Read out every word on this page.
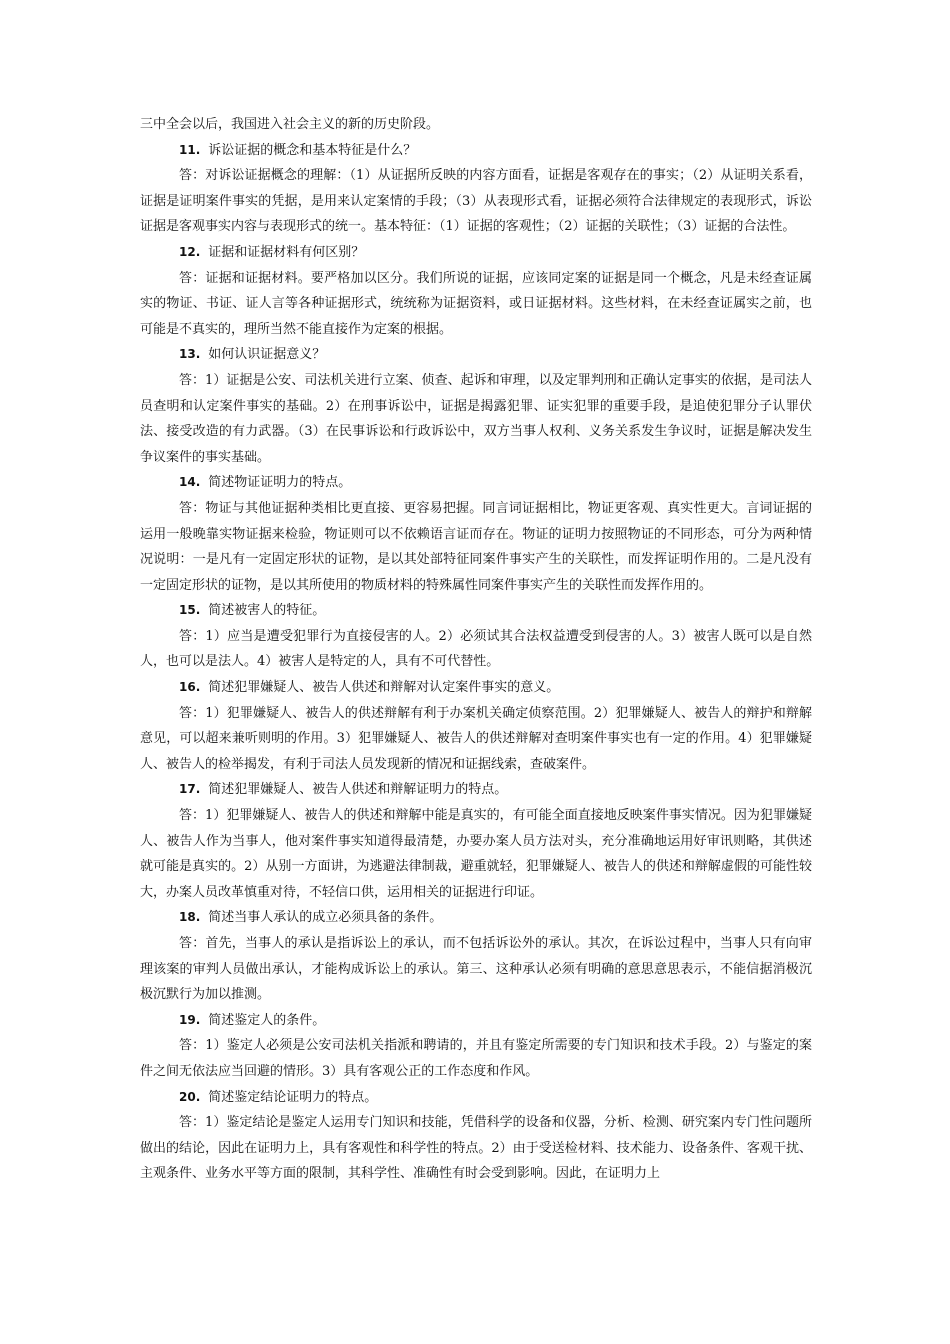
三中全会以后，我国进入社会主义的新的历史阶段。

11. 诉讼证据的概念和基本特征是什么？

答：对诉讼证据概念的理解：（1）从证据所反映的内容方面看，证据是客观存在的事实；（2）从证明关系看，证据是证明案件事实的凭据，是用来认定案情的手段；（3）从表现形式看，证据必须符合法律规定的表现形式，诉讼证据是客观事实内容与表现形式的统一。基本特征：（1）证据的客观性；（2）证据的关联性；（3）证据的合法性。

12. 证据和证据材料有何区别？

答：证据和证据材料。要严格加以区分。我们所说的证据，应该同定案的证据是同一个概念，凡是未经查证属实的物证、书证、证人言等各种证据形式，统统称为证据资料，或日证据材料。这些材料，在未经查证属实之前，也可能是不真实的，理所当然不能直接作为定案的根据。

13. 如何认识证据意义？

答：1）证据是公安、司法机关进行立案、侦查、起诉和审理，以及定罪判刑和正确认定事实的依据，是司法人员查明和认定案件事实的基础。2）在刑事诉讼中，证据是揭露犯罪、证实犯罪的重要手段，是追使犯罪分子认罪伏法、接受改造的有力武器。（3）在民事诉讼和行政诉讼中，双方当事人权利、义务关系发生争议时，证据是解决发生争议案件的事实基础。

14. 简述物证证明力的特点。

答：物证与其他证据种类相比更直接、更容易把握。同言词证据相比，物证更客观、真实性更大。言词证据的运用一般晚靠实物证据来检验，物证则可以不依赖语言证而存在。物证的证明力按照物证的不同形态，可分为两种情况说明：一是凡有一定固定形状的证物，是以其处部特征同案件事实产生的关联性，而发挥证明作用的。二是凡没有一定固定形状的证物，是以其所使用的物质材料的特殊属性同案件事实产生的关联性而发挥作用的。

15. 简述被害人的特征。

答：1）应当是遭受犯罪行为直接侵害的人。2）必须试其合法权益遭受到侵害的人。3）被害人既可以是自然人，也可以是法人。4）被害人是特定的人，具有不可代替性。

16. 简述犯罪嫌疑人、被告人供述和辩解对认定案件事实的意义。

答：1）犯罪嫌疑人、被告人的供述辩解有利于办案机关确定侦察范围。2）犯罪嫌疑人、被告人的辩护和辩解意见，可以超来兼听则明的作用。3）犯罪嫌疑人、被告人的供述辩解对查明案件事实也有一定的作用。4）犯罪嫌疑人、被告人的检举揭发，有利于司法人员发现新的情况和证据线索，查破案件。

17. 简述犯罪嫌疑人、被告人供述和辩解证明力的特点。

答：1）犯罪嫌疑人、被告人的供述和辩解中能是真实的，有可能全面直接地反映案件事实情况。因为犯罪嫌疑人、被告人作为当事人，他对案件事实知道得最清楚，办要办案人员方法对头，充分准确地运用好审讯则略，其供述就可能是真实的。2）从别一方面讲，为逃避法律制裁，避重就轻，犯罪嫌疑人、被告人的供述和辩解虚假的可能性较大，办案人员改革慎重对待，不轻信口供，运用相关的证据进行印证。

18. 简述当事人承认的成立必须具备的条件。

答：首先，当事人的承认是指诉讼上的承认，而不包括诉讼外的承认。其次，在诉讼过程中，当事人只有向审理该案的审判人员做出承认，才能构成诉讼上的承认。第三、这种承认必须有明确的意思意思表示，不能信据消极沉极沉默行为加以推测。

19. 简述鉴定人的条件。

答：1）鉴定人必须是公安司法机关指派和聘请的，并且有鉴定所需要的专门知识和技术手段。2）与鉴定的案件之间无依法应当回避的情形。3）具有客观公正的工作态度和作风。

20. 简述鉴定结论证明力的特点。

答：1）鉴定结论是鉴定人运用专门知识和技能，凭借科学的设备和仪器，分析、检测、研究案内专门性问题所做出的结论，因此在证明力上，具有客观性和科学性的特点。2）由于受送检材料、技术能力、设备条件、客观干扰、主观条件、业务水平等方面的限制，其科学性、准确性有时会受到影响。因此，在证明力上
